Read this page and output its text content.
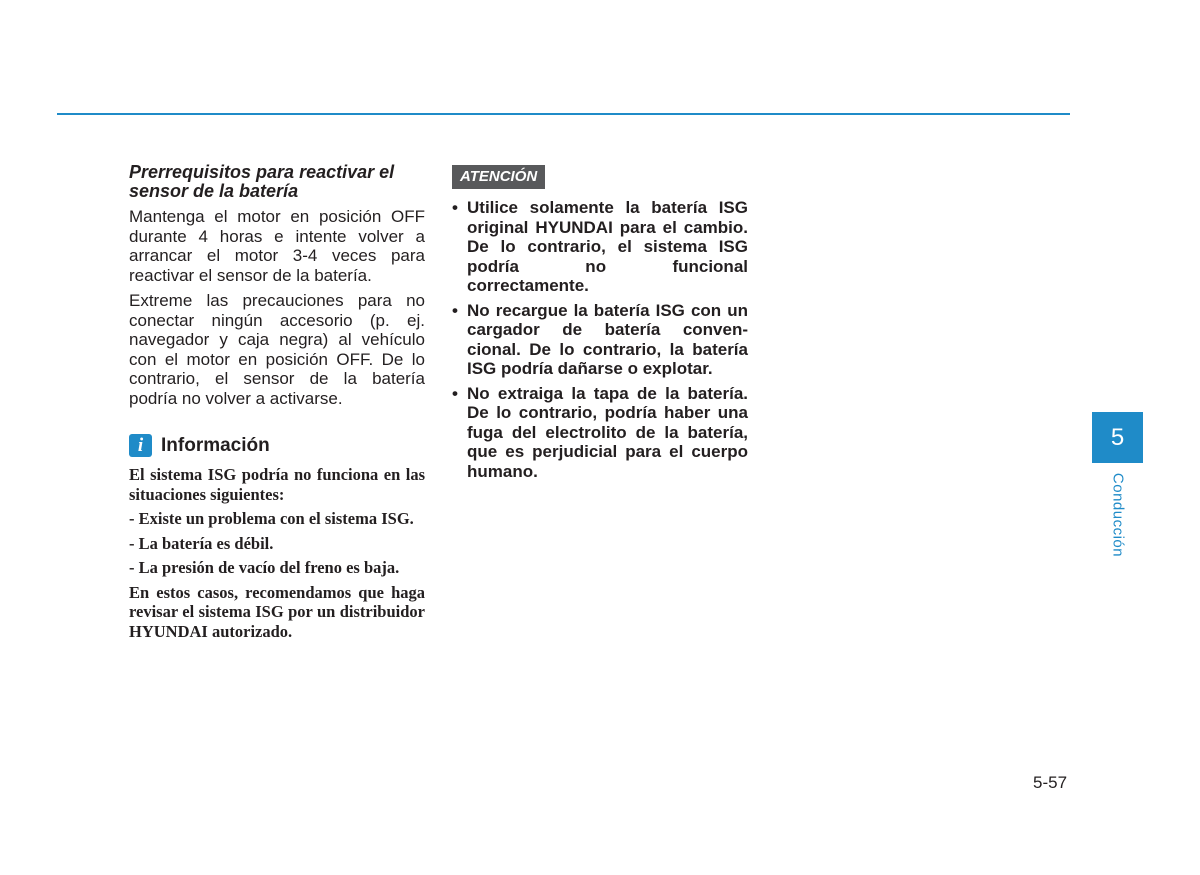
Prerrequisitos para reactivar el sensor de la batería

Mantenga el motor en posición OFF durante 4 horas e intente volver a arrancar el motor 3-4 veces para reactivar el sensor de la batería.

Extreme las precauciones para no conectar ningún accesorio (p. ej. navegador y caja negra) al vehículo con el motor en posición OFF. De lo contrario, el sensor de la batería podría no volver a activarse.

i Información

El sistema ISG podría no funciona en las situaciones siguientes:

- Existe un problema con el sistema ISG.
- La batería es débil.
- La presión de vacío del freno es baja.

En estos casos, recomendamos que haga revisar el sistema ISG por un distribuidor HYUNDAI autorizado.

ATENCIÓN
• Utilice solamente la batería ISG original HYUNDAI para el cambio. De lo contrario, el sistema ISG podría no funcional correctamente.
• No recargue la batería ISG con un cargador de batería conven-cional. De lo contrario, la batería ISG podría dañarse o explotar.
• No extraiga la tapa de la batería. De lo contrario, podría haber una fuga del electrolito de la batería, que es perjudicial para el cuerpo humano.
5
Conducción
5-57
